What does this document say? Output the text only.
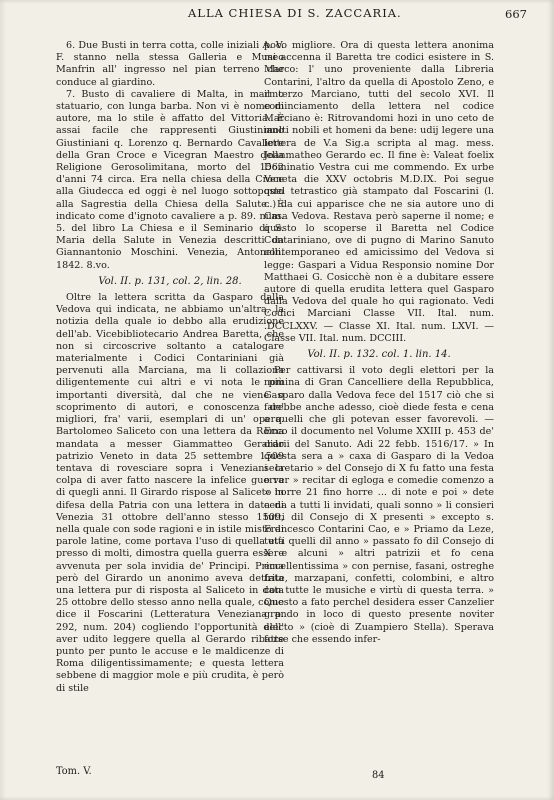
ALLA CHIESA DI S. ZACCARIA.	667

6. Due Busti in terra cotta, colle iniziali A. V. F. stanno nella stessa Galleria e Museo Manfrin all' ingresso nel pian terreno che conduce al giardino.

7. Busto di cavaliere di Malta, in marmo statuario, con lunga barba. Non vi è nome di autore, ma lo stile è affatto del Vittoria. È assai facile che rappresenti Giustiniano Giustiniani q. Lorenzo q. Bernardo Cavaliere della Gran Croce e Vicegran Maestro della Religione Gerosolimitana, morto del 1562 d'anni 74 circa. Era nella chiesa della Croce alla Giudecca ed oggi è nel luogo sottoposto alla Sagrestia della Chiesa della Salute. È indicato come d'ignoto cavaliere a p. 89. num. 5. del libro La Chiesa e il Seminario di S. Maria della Salute in Venezia descritti da Giannantonio Moschini. Venezia, Antonelli. 1842. 8.vo.

Vol. II. p. 131, col. 2, lin. 28.

Oltre la lettera scritta da Gasparo dalla Vedova qui indicata, ne abbiamo un'altra, la notizia della quale io debbo alla erudizione dell'ab. Vicebibliotecario Andrea Baretta, che non si circoscrive soltanto a catalogare materialmente i Codici Contariniani già pervenuti alla Marciana, ma li collaziona diligentemente cui altri e vi nota le più importanti diversità, dal che ne viene o scoprimento di autori, e conoscenza de' migliori, fra' varii, esemplari di un' opera. Bartolomeo Saliceto con una lettera da Roma mandata a messer Giammatteo Gerardo patrizio Veneto in data 25 settembre 1509 tentava di rovesciare sopra i Veneziani la colpa di aver fatto nascere la infelice guerra di quegli anni. Il Girardo rispose al Saliceto in difesa della Patria con una lettera in data di Venezia 31 ottobre dell'anno stesso 1509, nella quale con sode ragioni e in istile misto di parole latine, come portava l'uso di quella età presso di molti, dimostra quella guerra essere avvenuta per sola invidia de' Principi. Prima però del Girardo un anonimo aveva dettata una lettera pur di risposta al Saliceto in data 25 ottobre dello stesso anno nella quale, come dice il Foscarini (Letteratura Veneziana p. 292, num. 204) cogliendo l'opportunità dell' aver udito leggere quella al Gerardo ribatte punto per punto le accuse e le maldicenze di Roma diligentissimamente; e questa lettera sebbene di maggior mole e più crudita, è però di stile

poco migliore. Ora di questa lettera anonima mi accenna il Baretta tre codici esistere in S. Marco: l' uno proveniente dalla Libreria Contarini, l'altro da quella di Apostolo Zeno, e il terzo Marciano, tutti del secolo XVI. Il cominciamento della lettera nel codice Marciano è: Ritrovandomi hozi in uno ceto de molti nobili et homeni da bene: udij legere una lettera de V.a Sig.a scripta al mag. mess. Joanmatheo Gerardo ec. Il fine è: Valeat foelix Dominatio Vestra cui me commendo. Ex urbe Veneta die XXV octobris M.D.IX. Poi segue quel tetrastico già stampato dal Foscarini (l. c.) da cui apparisce che ne sia autore uno di Casa Vedova. Restava però saperne il nome; e questo lo scoperse il Baretta nel Codice Contariniano, ove di pugno di Marino Sanuto contemporaneo ed amicissimo del Vedova si legge: Gaspari a Vidua Responsio nomine Dor Matthaei G. Cosicchè non è a dubitare essere autore di quella erudita lettera quel Gasparo dalla Vedova del quale ho qui ragionato. Vedi Codici Marciani Classe VII. Ital. num. .DCCLXXV. — Classe XI. Ital. num. LXVI. — Classe VII. Ital. num. DCCIII.

Vol. II. p. 132. col. 1. lin. 14.

Per cattivarsi il voto degli elettori per la nomina di Gran Cancelliere della Repubblica, Gasparo dalla Vedova fece del 1517 ciò che si farebbe anche adesso, cioè diede festa e cena a quelli che gli potevan esser favorevoli. — Ecco il documento nel Volume XXIII p. 453 de' diarii del Sanuto. Adi 22 febb. 1516/17. » In questa sera a » caxa di Gasparo di la Vedoa secretario » del Consejo di X fu fatto una festa o ver » recitar di egloga e comedie comenzo a » horre 21 fino horre ... di note e poi » dete cena a tutti li invidati, quali sonno » li consieri tutti dil Consejo di X presenti » excepto s. Francesco Contarini Cao, e » Priamo da Leze, tutti quelli dil anno » passato fo dil Consejo di X e alcuni » altri patrizii et fo cena eccellentissima » con pernise, fasani, ostreghe frite, marzapani, confetti, colombini, e altro con tutte le musiche e virtù di questa terra. » Questo a fato perchel desidera esser Canzelier grando in loco di questo presente noviter electo » (cioè di Zuampiero Stella). Sperava forse che essendo infer-

Tom. V.	84
